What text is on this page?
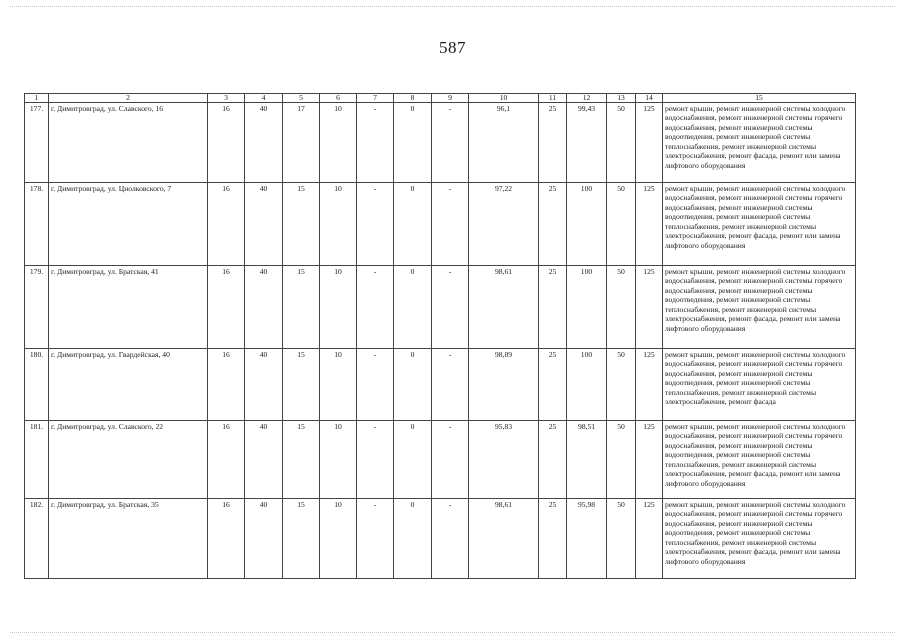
587
1	2	3	4	5	6	7	8	9	10	11	12	13	14	15
177.	г. Димитровград, ул. Славского, 16	16	40	17	10	-	0	-	96,1	25	99,43	50	125	ремонт крыши, ремонт инженерной системы холодного водоснабжения, ремонт инженерной системы горячего водоснабжения, ремонт инженерной системы водоотведения, ремонт инженерной системы теплоснабжения, ремонт инженерной системы электроснабжения, ремонт фасада, ремонт или замена лифтового оборудования
178.	г. Димитровград, ул. Циолковского, 7	16	40	15	10	-	0	-	97,22	25	100	50	125	ремонт крыши, ремонт инженерной системы холодного водоснабжения, ремонт инженерной системы горячего водоснабжения, ремонт инженерной системы водоотведения, ремонт инженерной системы теплоснабжения, ремонт инженерной системы электроснабжения, ремонт фасада, ремонт или замена лифтового оборудования
179.	г. Димитровград, ул. Братская, 41	16	40	15	10	-	0	-	98,61	25	100	50	125	ремонт крыши, ремонт инженерной системы холодного водоснабжения, ремонт инженерной системы горячего водоснабжения, ремонт инженерной системы водоотведения, ремонт инженерной системы теплоснабжения, ремонт инженерной системы электроснабжения, ремонт фасада, ремонт или замена лифтового оборудования
180.	г. Димитровград, ул. Гвардейская, 40	16	40	15	10	-	0	-	98,89	25	100	50	125	ремонт крыши, ремонт инженерной системы холодного водоснабжения, ремонт инженерной системы горячего водоснабжения, ремонт инженерной системы водоотведения, ремонт инженерной системы теплоснабжения, ремонт инженерной системы электроснабжения, ремонт фасада
181.	г. Димитровград, ул. Славского, 22	16	40	15	10	-	0	-	95,83	25	98,51	50	125	ремонт крыши, ремонт инженерной системы холодного водоснабжения, ремонт инженерной системы горячего водоснабжения, ремонт инженерной системы водоотведения, ремонт инженерной системы теплоснабжения, ремонт инженерной системы электроснабжения, ремонт фасада, ремонт или замена лифтового оборудования
182.	г. Димитровград, ул. Братская, 35	16	40	15	10	-	0	-	98,61	25	95,98	50	125	ремонт крыши, ремонт инженерной системы холодного водоснабжения, ремонт инженерной системы горячего водоснабжения, ремонт инженерной системы водоотведения, ремонт инженерной системы теплоснабжения, ремонт инженерной системы электроснабжения, ремонт фасада, ремонт или замена лифтового оборудования
